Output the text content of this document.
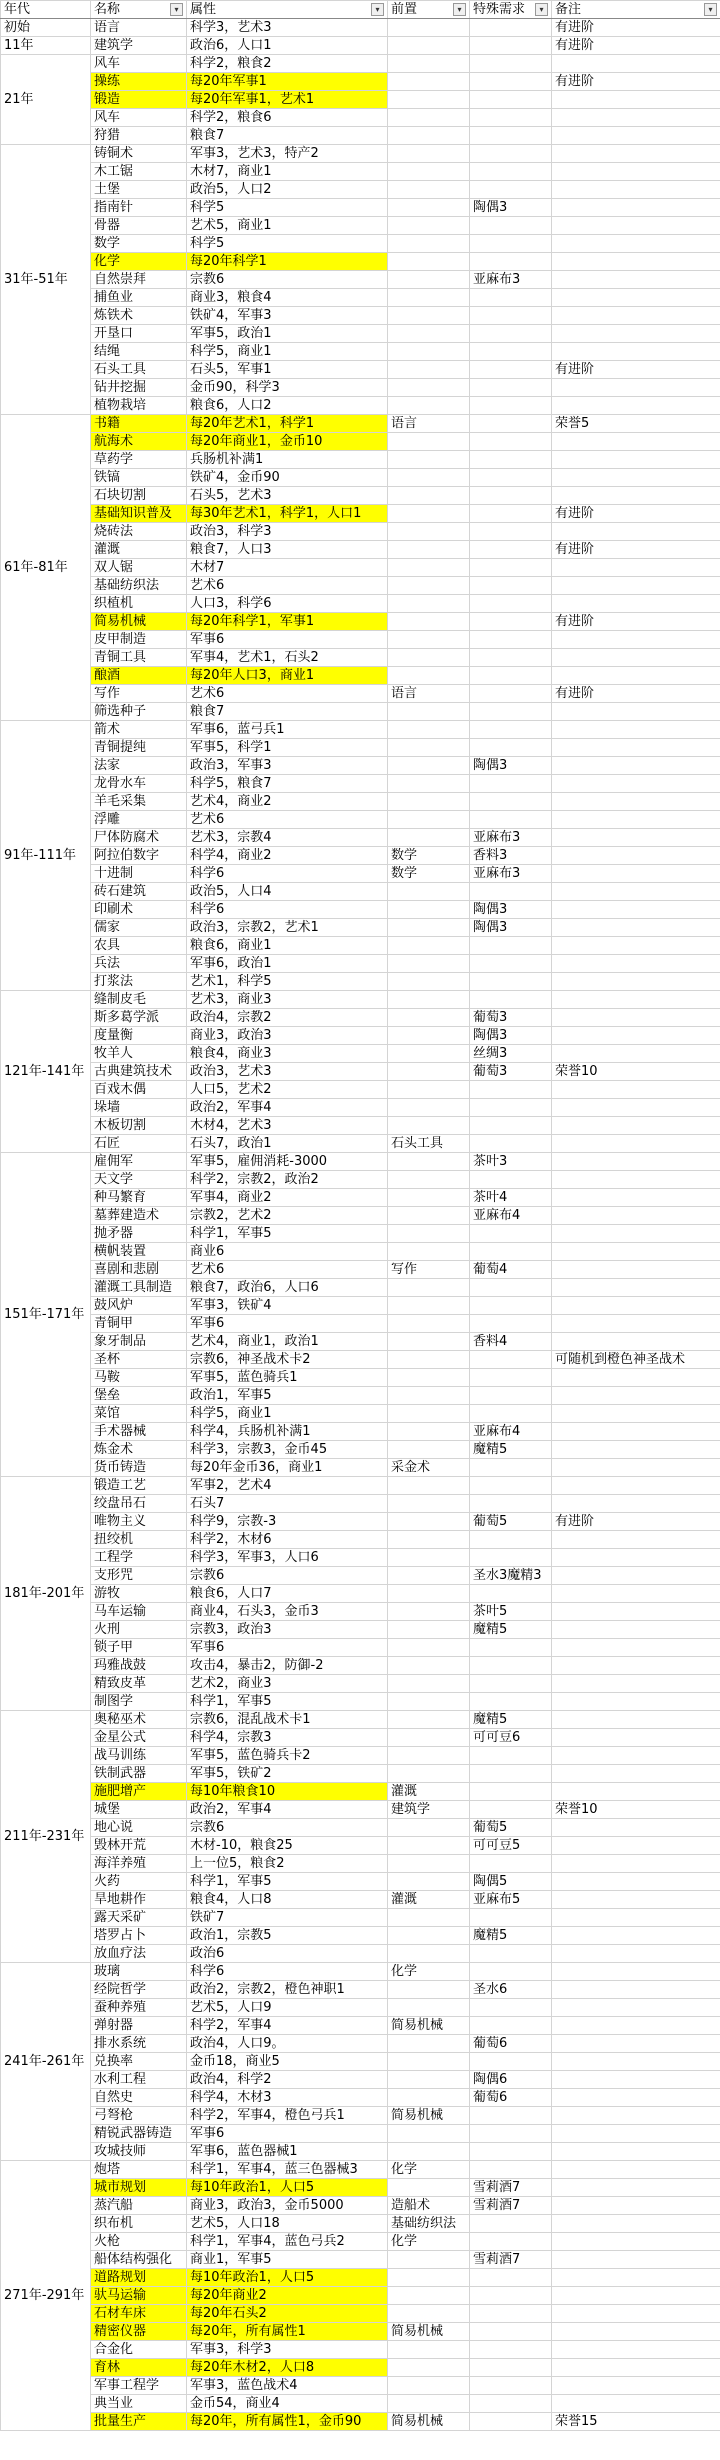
年代	名称 ▾	属性 ▾	前置 ▾	特殊需求 ▾	备注 ▾

初始	语言	科学3，艺术3			有进阶
11年	建筑学	政治6，人口1			有进阶
21年	风车	科学2，粮食2			
	操练	每20年军事1			有进阶
	锻造	每20年军事1，艺术1			
	风车	科学2，粮食6			
	狩猎	粮食7			
31年-51年	铸铜术	军事3，艺术3，特产2			
	木工锯	木材7，商业1			
	土堡	政治5，人口2			
	指南针	科学5		陶偶3	
	骨器	艺术5，商业1			
	数学	科学5			
	化学	每20年科学1			
	自然崇拜	宗教6		亚麻布3	
	捕鱼业	商业3，粮食4			
	炼铁术	铁矿4，军事3			
	开垦口	军事5，政治1			
	结绳	科学5，商业1			
	石头工具	石头5，军事1			有进阶
	钻井挖掘	金币90，科学3			
	植物栽培	粮食6，人口2			
61年-81年	书籍	每20年艺术1，科学1	语言		荣誉5
	航海术	每20年商业1，金币10			
	草药学	兵肠机补满1			
	铁镐	铁矿4，金币90			
	石块切割	石头5，艺术3			
	基础知识普及	每30年艺术1，科学1，人口1			有进阶
	烧砖法	政治3，科学3			
	灌溉	粮食7，人口3			有进阶
	双人锯	木材7			
	基础纺织法	艺术6			
	织植机	人口3，科学6			
	简易机械	每20年科学1，军事1			有进阶
	皮甲制造	军事6			
	青铜工具	军事4，艺术1，石头2			
	酿酒	每20年人口3，商业1			
	写作	艺术6	语言		有进阶
	筛选种子	粮食7			
91年-111年	箭术	军事6，蓝弓兵1			
	青铜提纯	军事5，科学1			
	法家	政治3，军事3		陶偶3	
	龙骨水车	科学5，粮食7			
	羊毛采集	艺术4，商业2			
	浮雕	艺术6			
	尸体防腐术	艺术3，宗教4		亚麻布3	
	阿拉伯数字	科学4，商业2	数学	香料3	
	十进制	科学6	数学	亚麻布3	
	砖石建筑	政治5，人口4			
	印刷术	科学6		陶偶3	
	儒家	政治3，宗教2，艺术1		陶偶3	
	农具	粮食6，商业1			
	兵法	军事6，政治1			
	打浆法	艺术1，科学5			
121年-141年	缝制皮毛	艺术3，商业3			
	斯多葛学派	政治4，宗教2		葡萄3	
	度量衡	商业3，政治3		陶偶3	
	牧羊人	粮食4，商业3		丝绸3	
	古典建筑技术	政治3，艺术3		葡萄3	荣誉10
	百戏木偶	人口5，艺术2			
	垛墙	政治2，军事4			
	木板切割	木材4，艺术3			
	石匠	石头7，政治1	石头工具		
151年-171年	雇佣军	军事5，雇佣消耗-3000		茶叶3	
	天文学	科学2，宗教2，政治2			
	种马繁育	军事4，商业2		茶叶4	
	墓葬建造术	宗教2，艺术2		亚麻布4	
	抛矛器	科学1，军事5			
	横帆装置	商业6			
	喜剧和悲剧	艺术6	写作	葡萄4	
	灌溉工具制造	粮食7，政治6，人口6			
	鼓风炉	军事3，铁矿4			
	青铜甲	军事6			
	象牙制品	艺术4，商业1，政治1		香料4	
	圣杯	宗教6，神圣战术卡2			可随机到橙色神圣战术
	马鞍	军事5，蓝色骑兵1			
	堡垒	政治1，军事5			
	菜馆	科学5，商业1			
	手术器械	科学4，兵肠机补满1		亚麻布4	
	炼金术	科学3，宗教3，金币45		魔精5	
	货币铸造	每20年金币36，商业1	采金术		
181年-201年	锻造工艺	军事2，艺术4			
	绞盘吊石	石头7			
	唯物主义	科学9，宗教-3		葡萄5	有进阶
	扭绞机	科学2，木材6			
	工程学	科学3，军事3，人口6			
	支形咒	宗教6		圣水3魔精3	
	游牧	粮食6，人口7			
	马车运输	商业4，石头3，金币3		茶叶5	
	火刑	宗教3，政治3		魔精5	
	锁子甲	军事6			
	玛雅战鼓	攻击4，暴击2，防御-2			
	精致皮革	艺术2，商业3			
	制图学	科学1，军事5			
211年-231年	奥秘巫术	宗教6，混乱战术卡1		魔精5	
	金星公式	科学4，宗教3		可可豆6	
	战马训练	军事5，蓝色骑兵卡2			
	铁制武器	军事5，铁矿2			
	施肥增产	每10年粮食10	灌溉		
	城堡	政治2，军事4	建筑学		荣誉10
	地心说	宗教6		葡萄5	
	毁林开荒	木材-10，粮食25		可可豆5	
	海洋养殖	上一位5，粮食2			
	火药	科学1，军事5		陶偶5	
	旱地耕作	粮食4，人口8	灌溉	亚麻布5	
	露天采矿	铁矿7			
	塔罗占卜	政治1，宗教5		魔精5	
	放血疗法	政治6			
241年-261年	玻璃	科学6	化学		
	经院哲学	政治2，宗教2，橙色神职1		圣水6	
	蚕种养殖	艺术5，人口9			
	弹射器	科学2，军事4	简易机械		
	排水系统	政治4，人口9。		葡萄6	
	兑换率	金币18，商业5			
	水利工程	政治4，科学2		陶偶6	
	自然史	科学4，木材3		葡萄6	
	弓弩枪	科学2，军事4，橙色弓兵1	简易机械		
	精锐武器铸造	军事6			
	攻城技师	军事6，蓝色器械1			
271年-291年	炮塔	科学1，军事4，蓝三色器械3	化学		
	城市规划	每10年政治1，人口5		雪莉酒7	
	蒸汽船	商业3，政治3，金币5000	造船术	雪莉酒7	
	织布机	艺术5，人口18	基础纺织法		
	火枪	科学1，军事4，蓝色弓兵2	化学		
	船体结构强化	商业1，军事5		雪莉酒7	
	道路规划	每10年政治1，人口5			
	驮马运输	每20年商业2			
	石材车床	每20年石头2			
	精密仪器	每20年，所有属性1	简易机械		
	合金化	军事3，科学3			
	育林	每20年木材2，人口8			
	军事工程学	军事3，蓝色战术4			
	典当业	金币54，商业4			
	批量生产	每20年，所有属性1，金币90	简易机械		荣誉15
